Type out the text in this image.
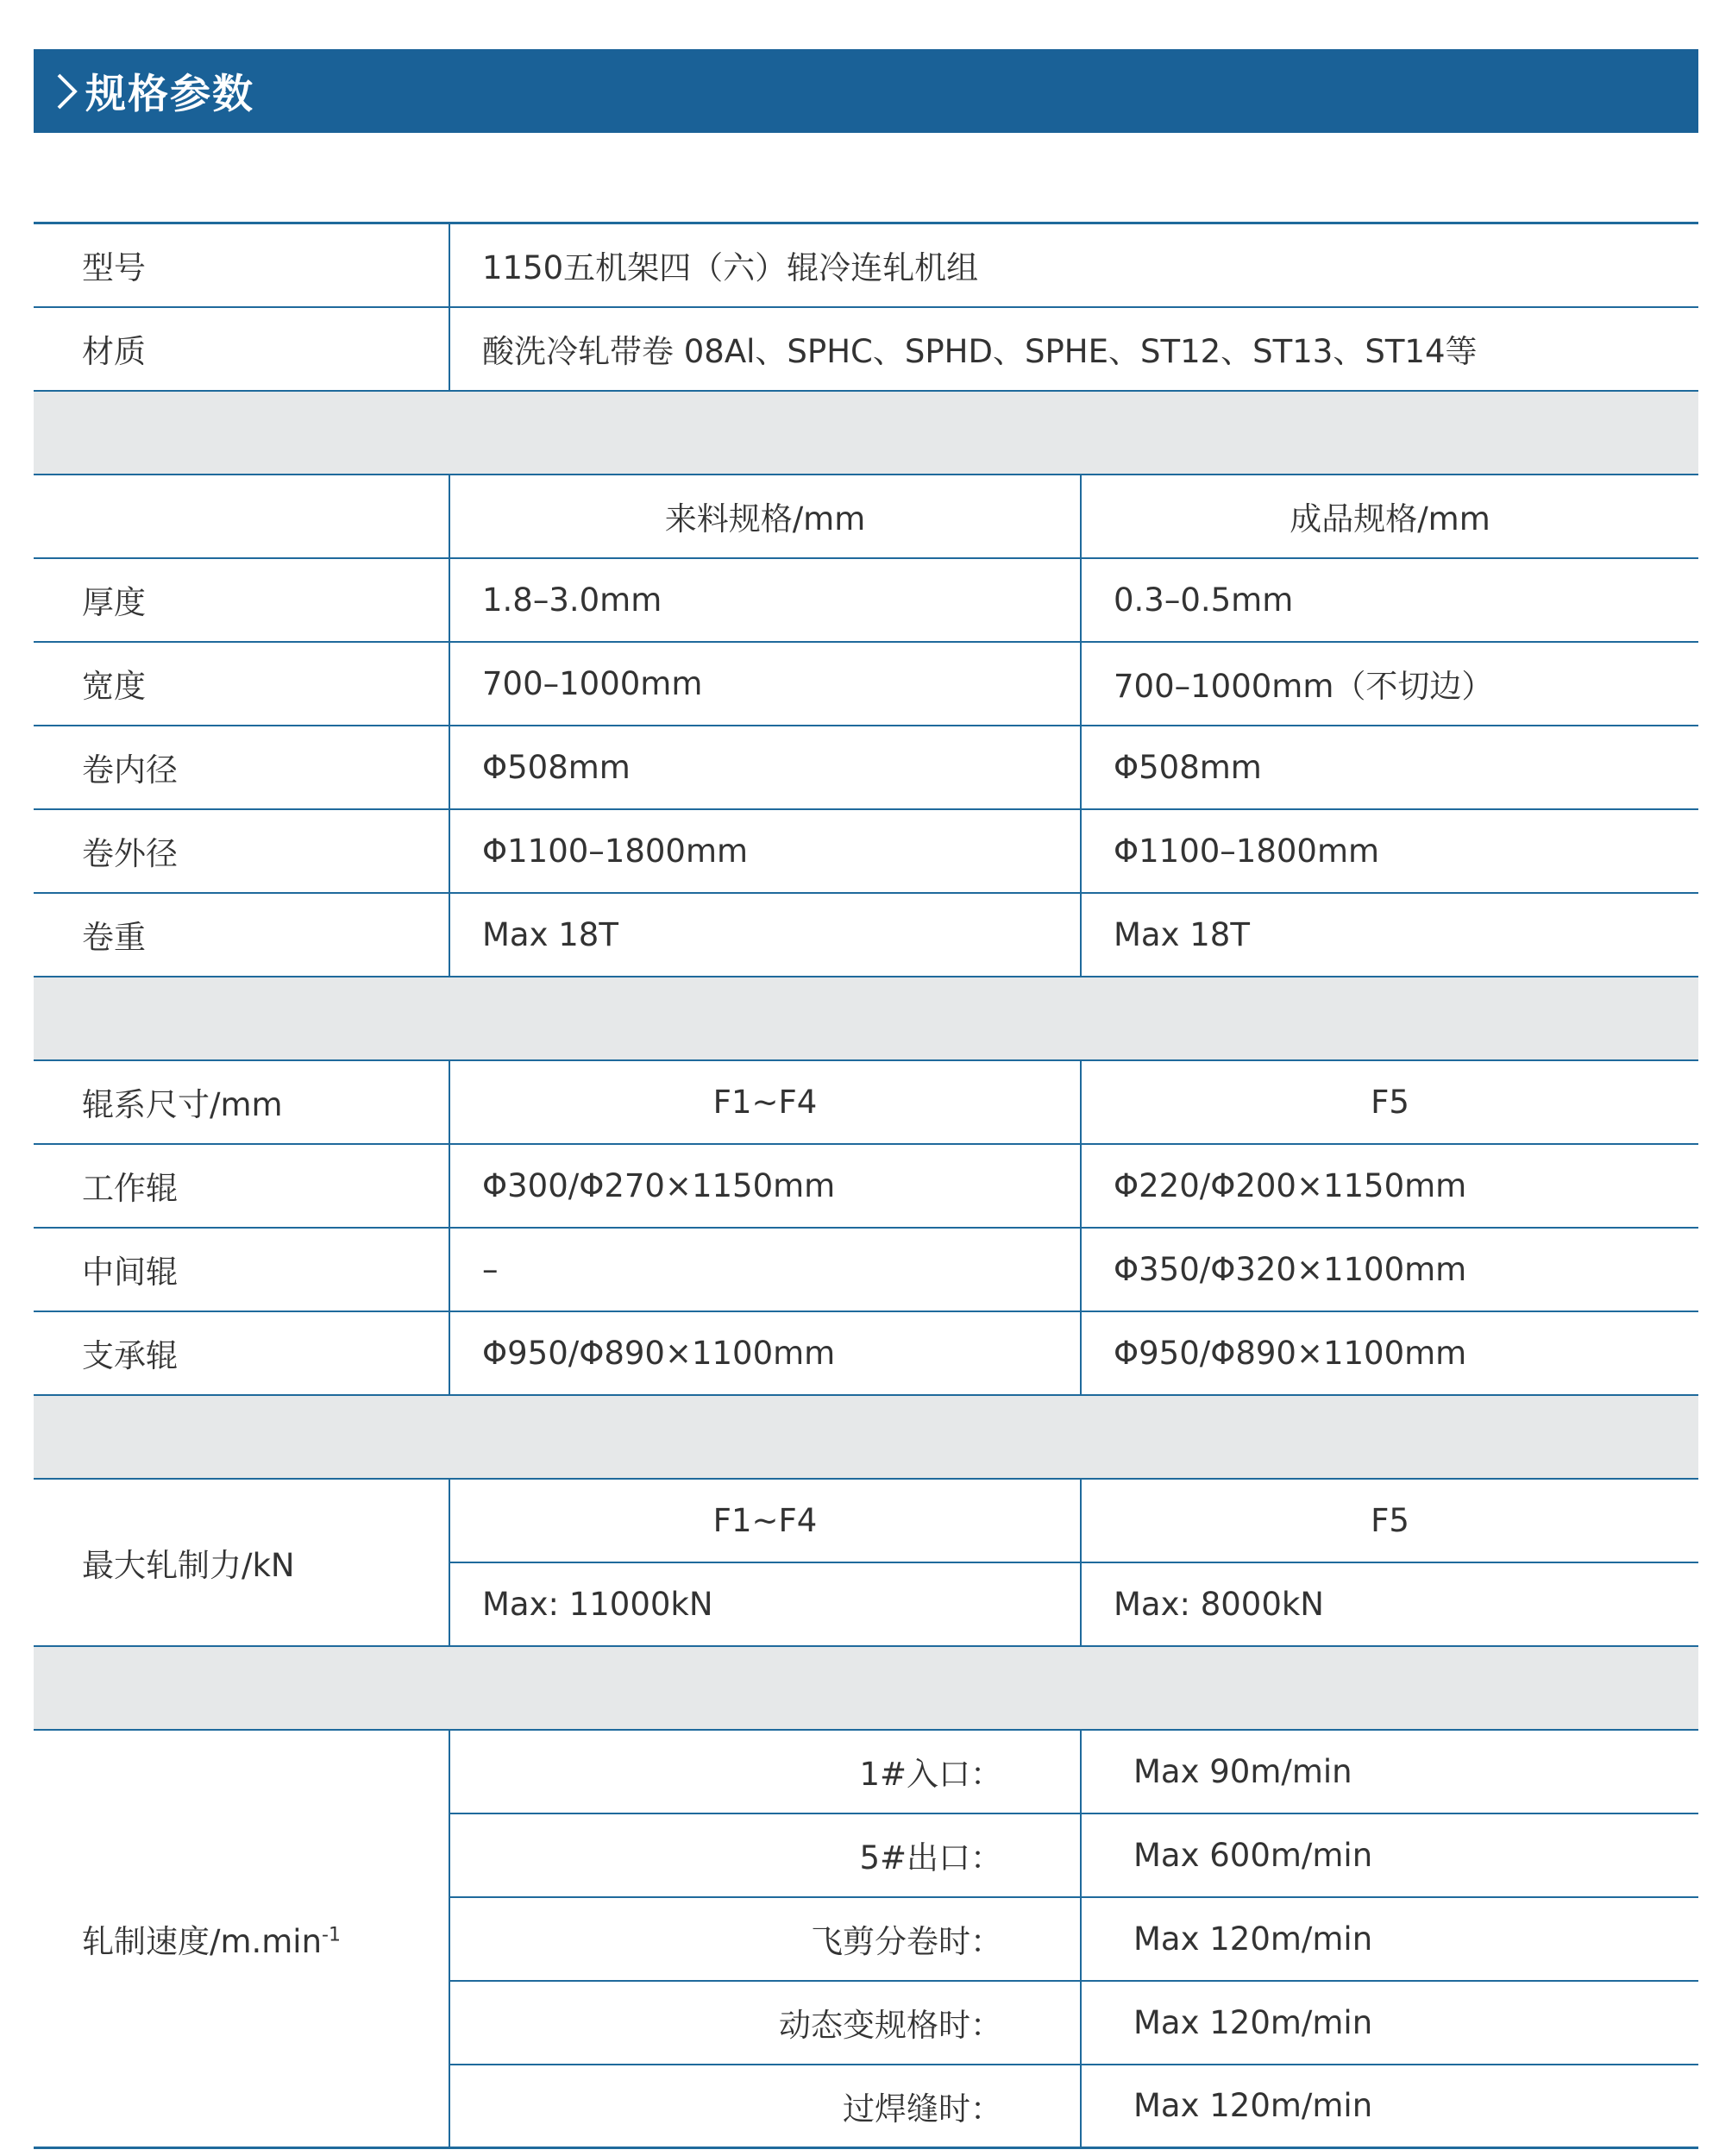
规格参数
型号	1150五机架四（六）辊冷连轧机组	
材质	酸洗冷轧带卷 08Al、SPHC、SPHD、SPHE、ST12、ST13、ST14等	

	来料规格/mm	成品规格/mm
厚度	1.8–3.0mm	0.3–0.5mm
宽度	700–1000mm	700–1000mm（不切边）
卷内径	Φ508mm	Φ508mm
卷外径	Φ1100–1800mm	Φ1100–1800mm
卷重	Max 18T	Max 18T

辊系尺寸/mm	F1~F4	F5
工作辊	Φ300/Φ270×1150mm	Φ220/Φ200×1150mm
中间辊	–	Φ350/Φ320×1100mm
支承辊	Φ950/Φ890×1100mm	Φ950/Φ890×1100mm

最大轧制力/kN	F1~F4	F5
	Max: 11000kN	Max: 8000kN

轧制速度$/m.\min^{-1}$	1#入口：	Max 90m/min
	5#出口：	Max 600m/min
	飞剪分卷时：	Max 120m/min
	动态变规格时：	Max 120m/min
	过焊缝时：	Max 120m/min
